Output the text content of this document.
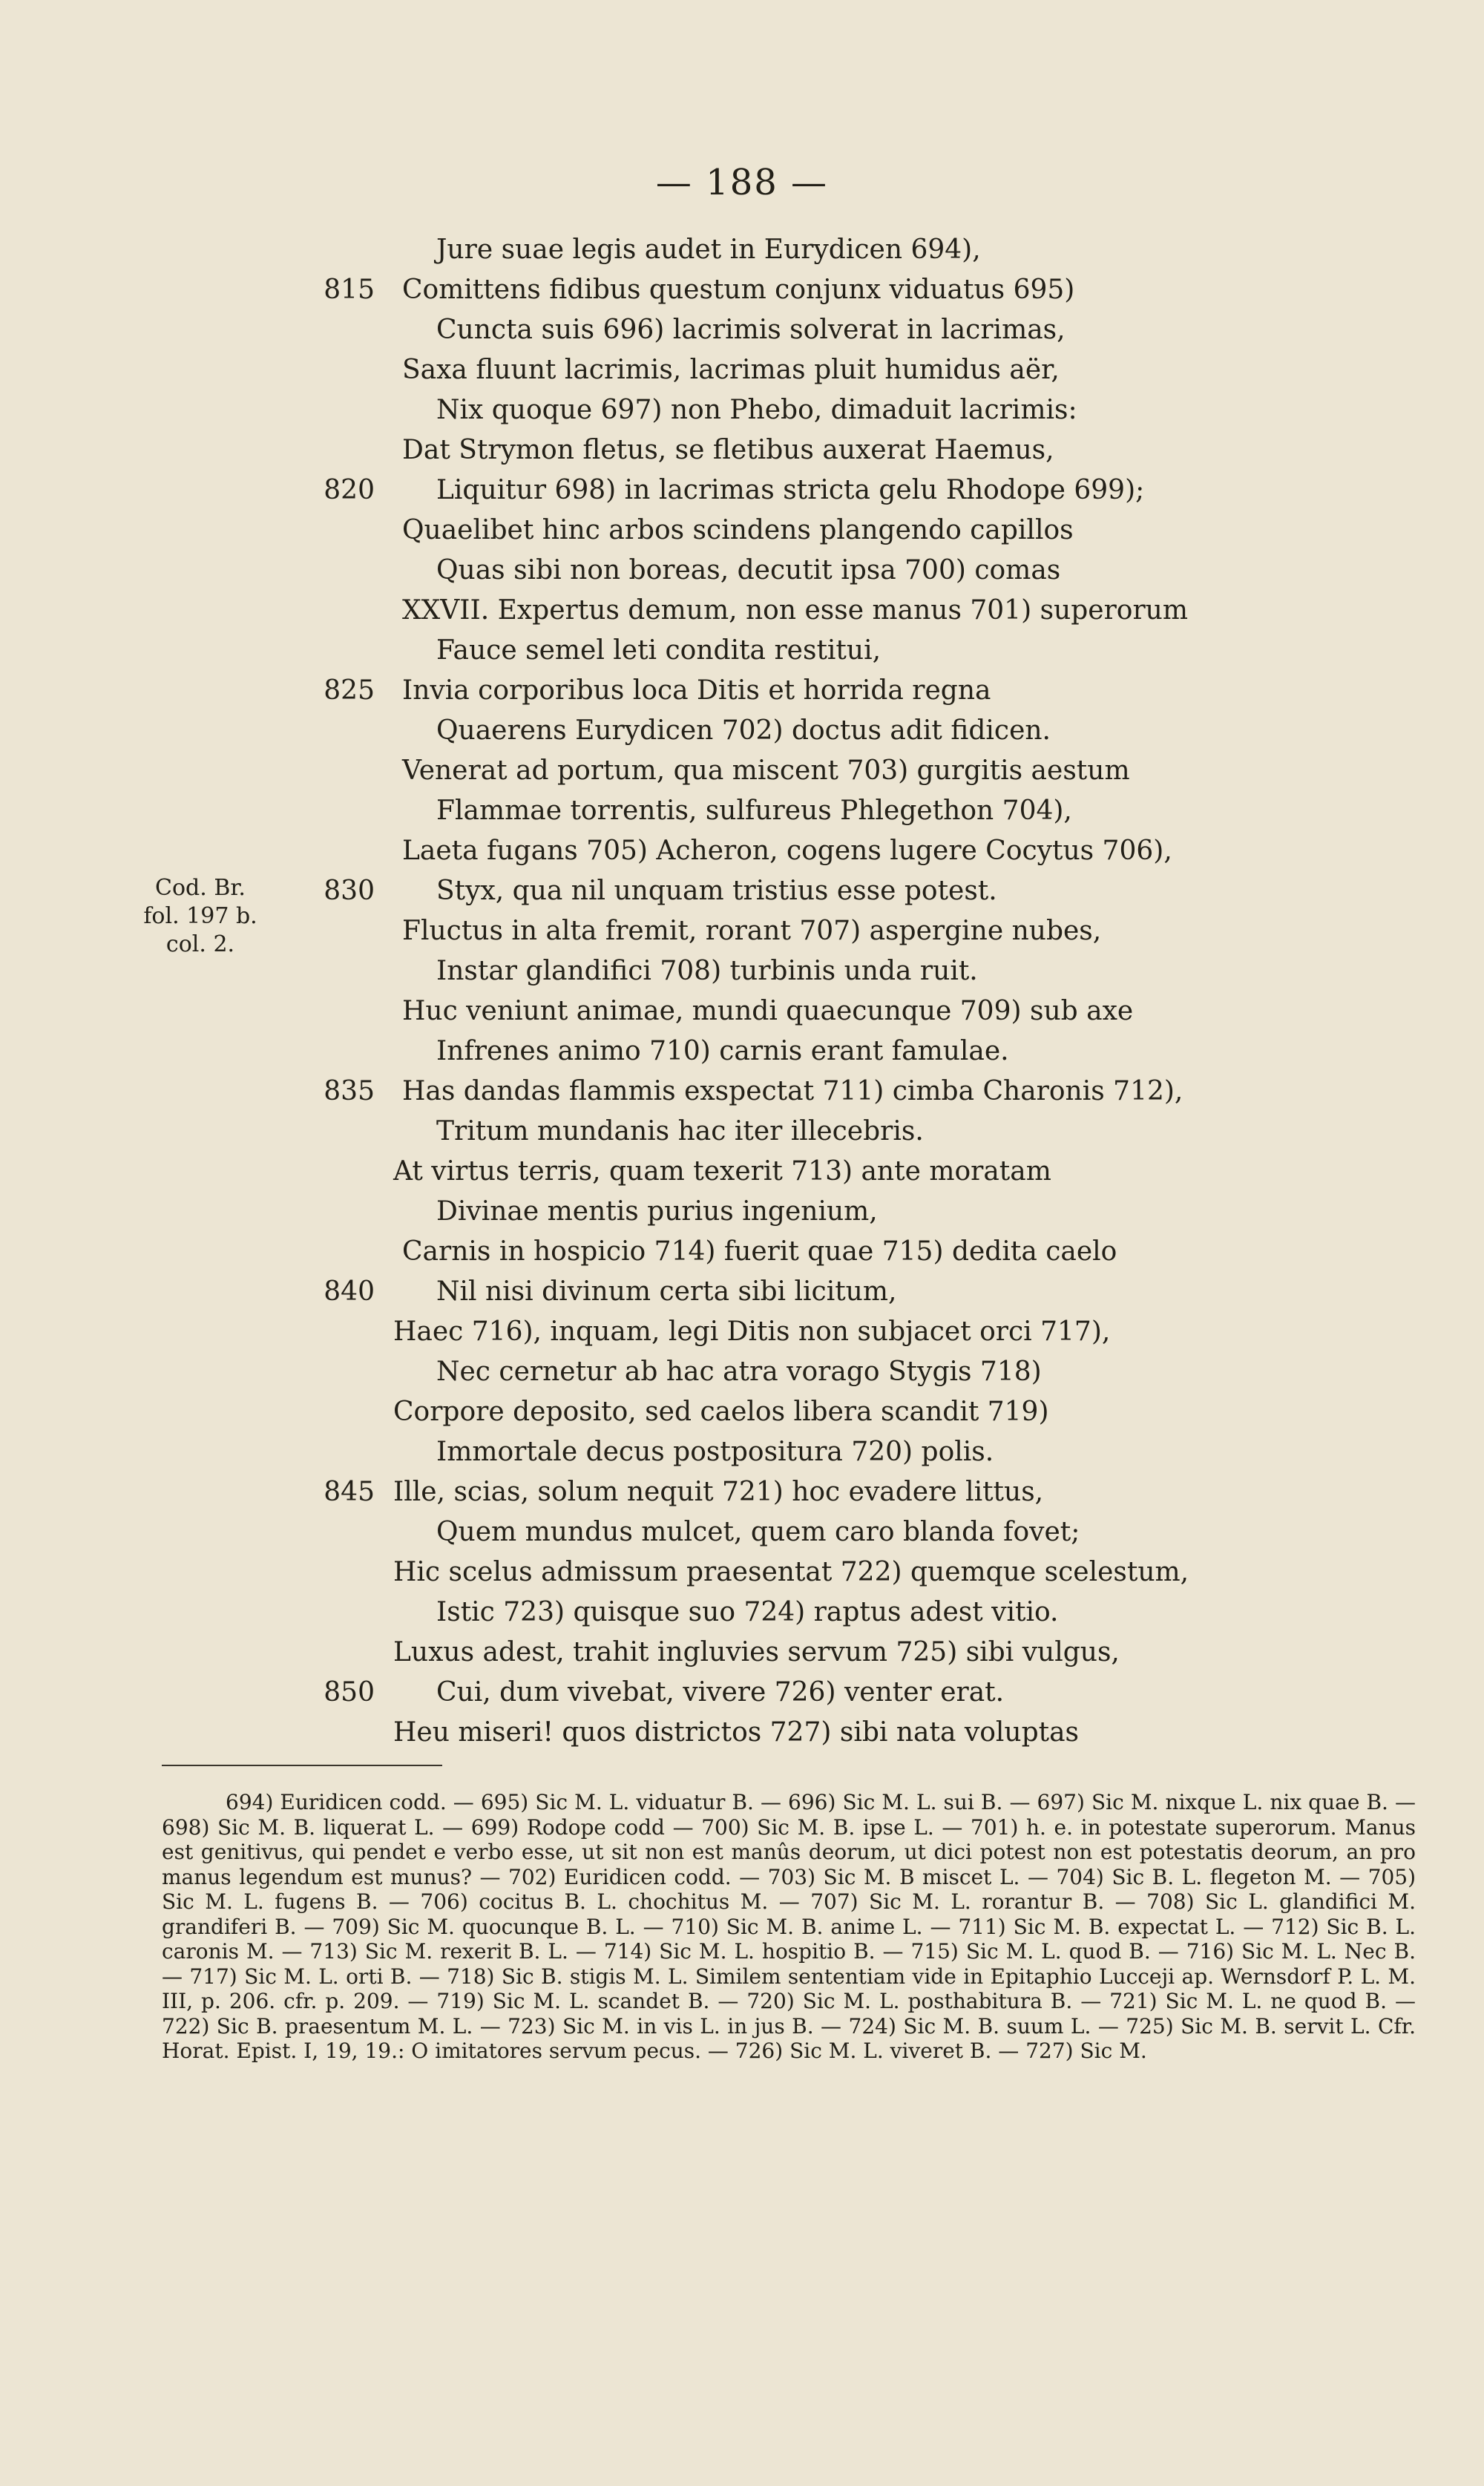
— 188 —
Cod. Br.
fol. 197 b.
col. 2.
Jure suae legis audet in Eurydicen 694),
815 Comittens fidibus questum conjunx viduatus 695)
Cuncta suis 696) lacrimis solverat in lacrimas,
Saxa fluunt lacrimis, lacrimas pluit humidus aër,
Nix quoque 697) non Phebo, dimaduit lacrimis:
Dat Strymon fletus, se fletibus auxerat Haemus,
820 Liquitur 698) in lacrimas stricta gelu Rhodope 699);
Quaelibet hinc arbos scindens plangendo capillos
Quas sibi non boreas, decutit ipsa 700) comas
XXVII. Expertus demum, non esse manus 701) superorum
Fauce semel leti condita restitui,
825 Invia corporibus loca Ditis et horrida regna
Quaerens Eurydicen 702) doctus adit fidicen.
Venerat ad portum, qua miscent 703) gurgitis aestum
Flammae torrentis, sulfureus Phlegethon 704),
Laeta fugans 705) Acheron, cogens lugere Cocytus 706),
830 Styx, qua nil unquam tristius esse potest.
Fluctus in alta fremit, rorant 707) aspergine nubes,
Instar glandifici 708) turbinis unda ruit.
Huc veniunt animae, mundi quaecunque 709) sub axe
Infrenes animo 710) carnis erant famulae.
835 Has dandas flammis exspectat 711) cimba Charonis 712),
Tritum mundanis hac iter illecebris.
At virtus terris, quam texerit 713) ante moratam
Divinae mentis purius ingenium,
Carnis in hospicio 714) fuerit quae 715) dedita caelo
840 Nil nisi divinum certa sibi licitum,
Haec 716), inquam, legi Ditis non subjacet orci 717),
Nec cernetur ab hac atra vorago Stygis 718)
Corpore deposito, sed caelos libera scandit 719)
Immortale decus postpositura 720) polis.
845 Ille, scias, solum nequit 721) hoc evadere littus,
Quem mundus mulcet, quem caro blanda fovet;
Hic scelus admissum praesentat 722) quemque scelestum,
Istic 723) quisque suo 724) raptus adest vitio.
Luxus adest, trahit ingluvies servum 725) sibi vulgus,
850 Cui, dum vivebat, vivere 726) venter erat.
Heu miseri! quos districtos 727) sibi nata voluptas

694) Euridicen codd. — 695) Sic M. L. viduatur B. — 696) Sic M. L. sui B. — 697) Sic M. nixque L. nix quae B. — 698) Sic M. B. liquerat L. — 699) Rodope codd — 700) Sic M. B. ipse L. — 701) h. e. in potestate superorum. Manus est genitivus, qui pendet e verbo esse, ut sit non est manûs deorum, ut dici potest non est potestatis deorum, an pro manus legendum est munus? — 702) Euridicen codd. — 703) Sic M. B miscet L. — 704) Sic B. L. flegeton M. — 705) Sic M. L. fugens B. — 706) cocitus B. L. chochitus M. — 707) Sic M. L. rorantur B. — 708) Sic L. glandifici M. grandiferi B. — 709) Sic M. quocunque B. L. — 710) Sic M. B. anime L. — 711) Sic M. B. expectat L. — 712) Sic B. L. caronis M. — 713) Sic M. rexerit B. L. — 714) Sic M. L. hospitio B. — 715) Sic M. L. quod B. — 716) Sic M. L. Nec B. — 717) Sic M. L. orti B. — 718) Sic B. stigis M. L. Similem sententiam vide in Epitaphio Lucceji ap. Wernsdorf P. L. M. III, p. 206. cfr. p. 209. — 719) Sic M. L. scandet B. — 720) Sic M. L. posthabitura B. — 721) Sic M. L. ne quod B. — 722) Sic B. praesentum M. L. — 723) Sic M. in vis L. in jus B. — 724) Sic M. B. suum L. — 725) Sic M. B. servit L. Cfr. Horat. Epist. I, 19, 19.: O imitatores servum pecus. — 726) Sic M. L. viveret B. — 727) Sic M.
